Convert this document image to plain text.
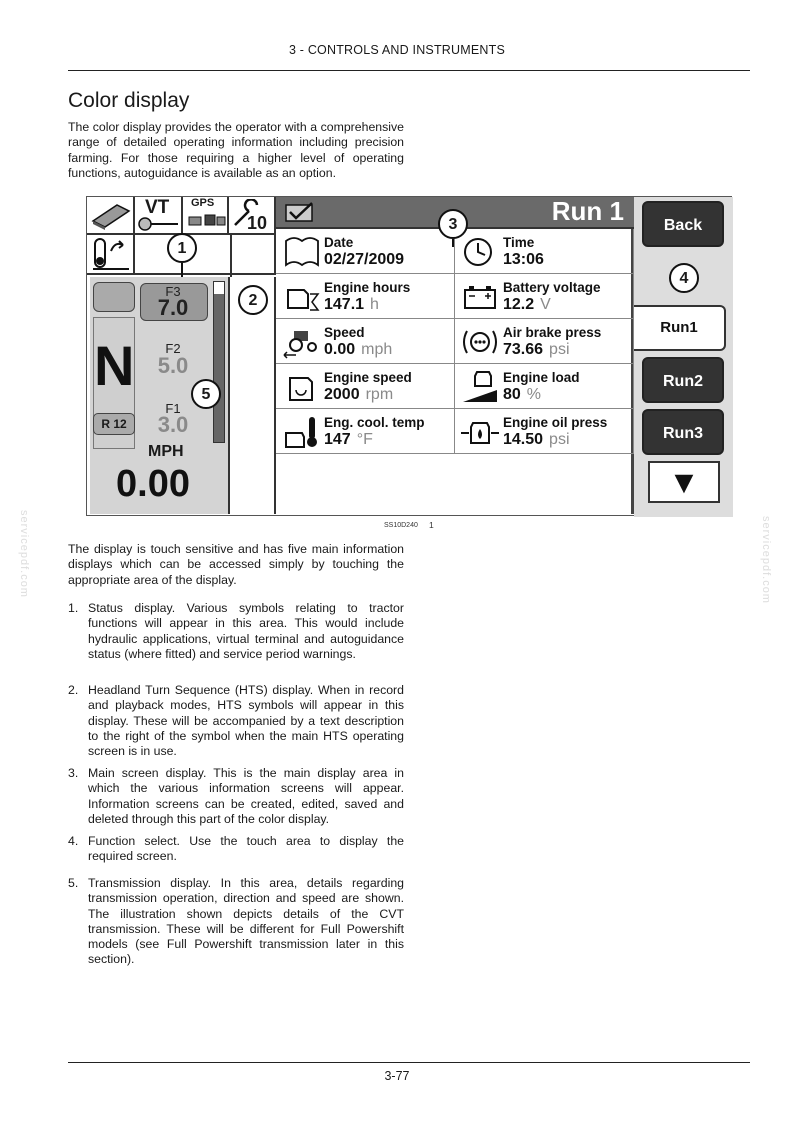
3 - CONTROLS AND INSTRUMENTS
Color display
The color display provides the operator with a comprehensive range of detailed operating information including precision farming. For those requiring a higher level of operating functions, autoguidance is available as an option.
servicepdf.com	servicepdf.com
VT GPS
10
N
R 12
F3
7.0
F2
5.0
F1
3.0
MPH
0.00
Run 1
Date
02/27/2009
Time
13:06
Engine hours
147.1 h
Battery voltage
12.2 V
Speed
0.00 mph
Air brake press
73.66 psi
Engine speed
2000 rpm
Engine load
80 %
Eng. cool. temp
147 °F
Engine oil press
14.50 psi
Back
Run1
Run2
Run3
▼
1
2
3
4
5
SS10D240 1
The display is touch sensitive and has five main information displays which can be accessed simply by touching the appropriate area of the display.
1. Status display. Various symbols relating to tractor functions will appear in this area. This would include hydraulic applications, virtual terminal and autoguidance status (where fitted) and service period warnings.
2. Headland Turn Sequence (HTS) display. When in record and playback modes, HTS symbols will appear in this display. These will be accompanied by a text description to the right of the symbol when the main HTS operating screen is in use.
3. Main screen display. This is the main display area in which the various information screens will appear. Information screens can be created, edited, saved and deleted through this part of the color display.
4. Function select. Use the touch area to display the required screen.
5. Transmission display. In this area, details regarding transmission operation, direction and speed are shown. The illustration shown depicts details of the CVT transmission. These will be different for Full Powershift models (see Full Powershift transmission later in this section).
3-77
